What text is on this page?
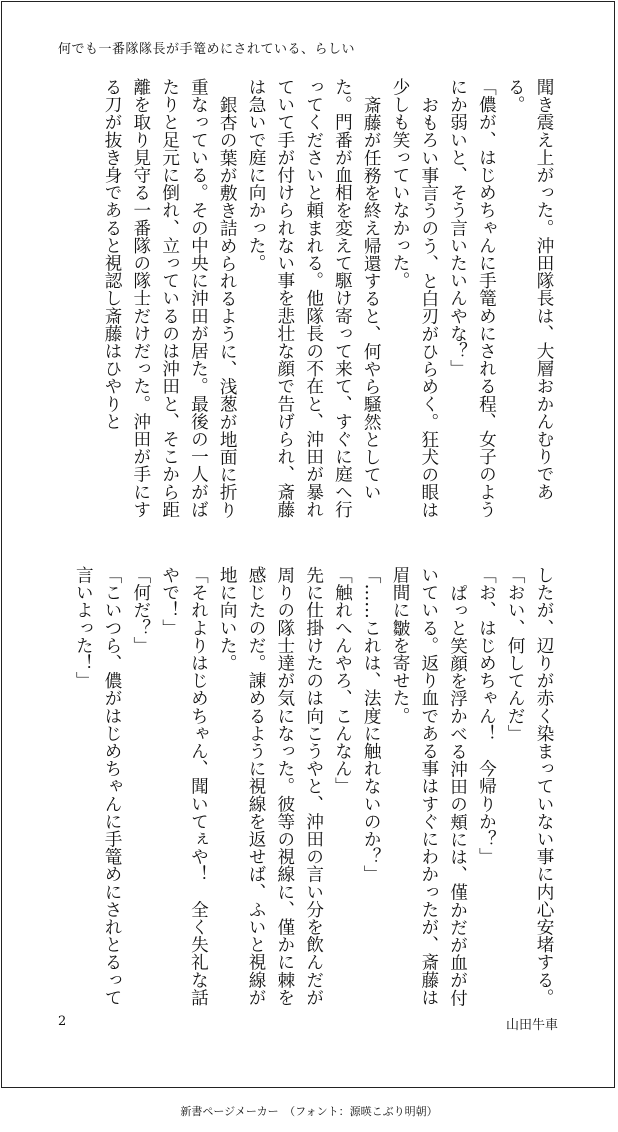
何でも一番隊隊長が手篭めにされている、らしい

聞き震え上がった。沖田隊長は、大層おかんむりである。

「儂が、はじめちゃんに手篭めにされる程、女子のようにか弱いと、そう言いたいんやな？」

おもろい事言うのう、と白刃がひらめく。狂犬の眼は少しも笑っていなかった。

斎藤が任務を終え帰還すると、何やら騒然としていた。門番が血相を変えて駆け寄って来て、すぐに庭へ行ってくださいと頼まれる。他隊長の不在と、沖田が暴れていて手が付けられない事を悲壮な顔で告げられ、斎藤は急いで庭に向かった。

銀杏の葉が敷き詰められるように、浅葱が地面に折り重なっている。その中央に沖田が居た。最後の一人がばたりと足元に倒れ、立っているのは沖田と、そこから距離を取り見守る一番隊の隊士だけだった。沖田が手にする刀が抜き身であると視認し斎藤はひやりと

したが、辺りが赤く染まっていない事に内心安堵する。

「おい、何してんだ」

「お、はじめちゃん！　今帰りか？」

ぱっと笑顔を浮かべる沖田の頬には、僅かだが血が付いている。返り血である事はすぐにわかったが、斎藤は眉間に皺を寄せた。

「……これは、法度に触れないのか？」

「触れへんやろ、こんなん」

先に仕掛けたのは向こうやと、沖田の言い分を飲んだが周りの隊士達が気になった。彼等の視線に、僅かに棘を感じたのだ。諌めるように視線を返せば、ふいと視線が地に向いた。

「それよりはじめちゃん、聞いてぇや！　全く失礼な話やで！」

「何だ？」

「こいつら、儂がはじめちゃんに手篭めにされとるって言いよった！」

2	山田牛車
新書ページメーカー　（フォント：源暎こぶり明朝）
